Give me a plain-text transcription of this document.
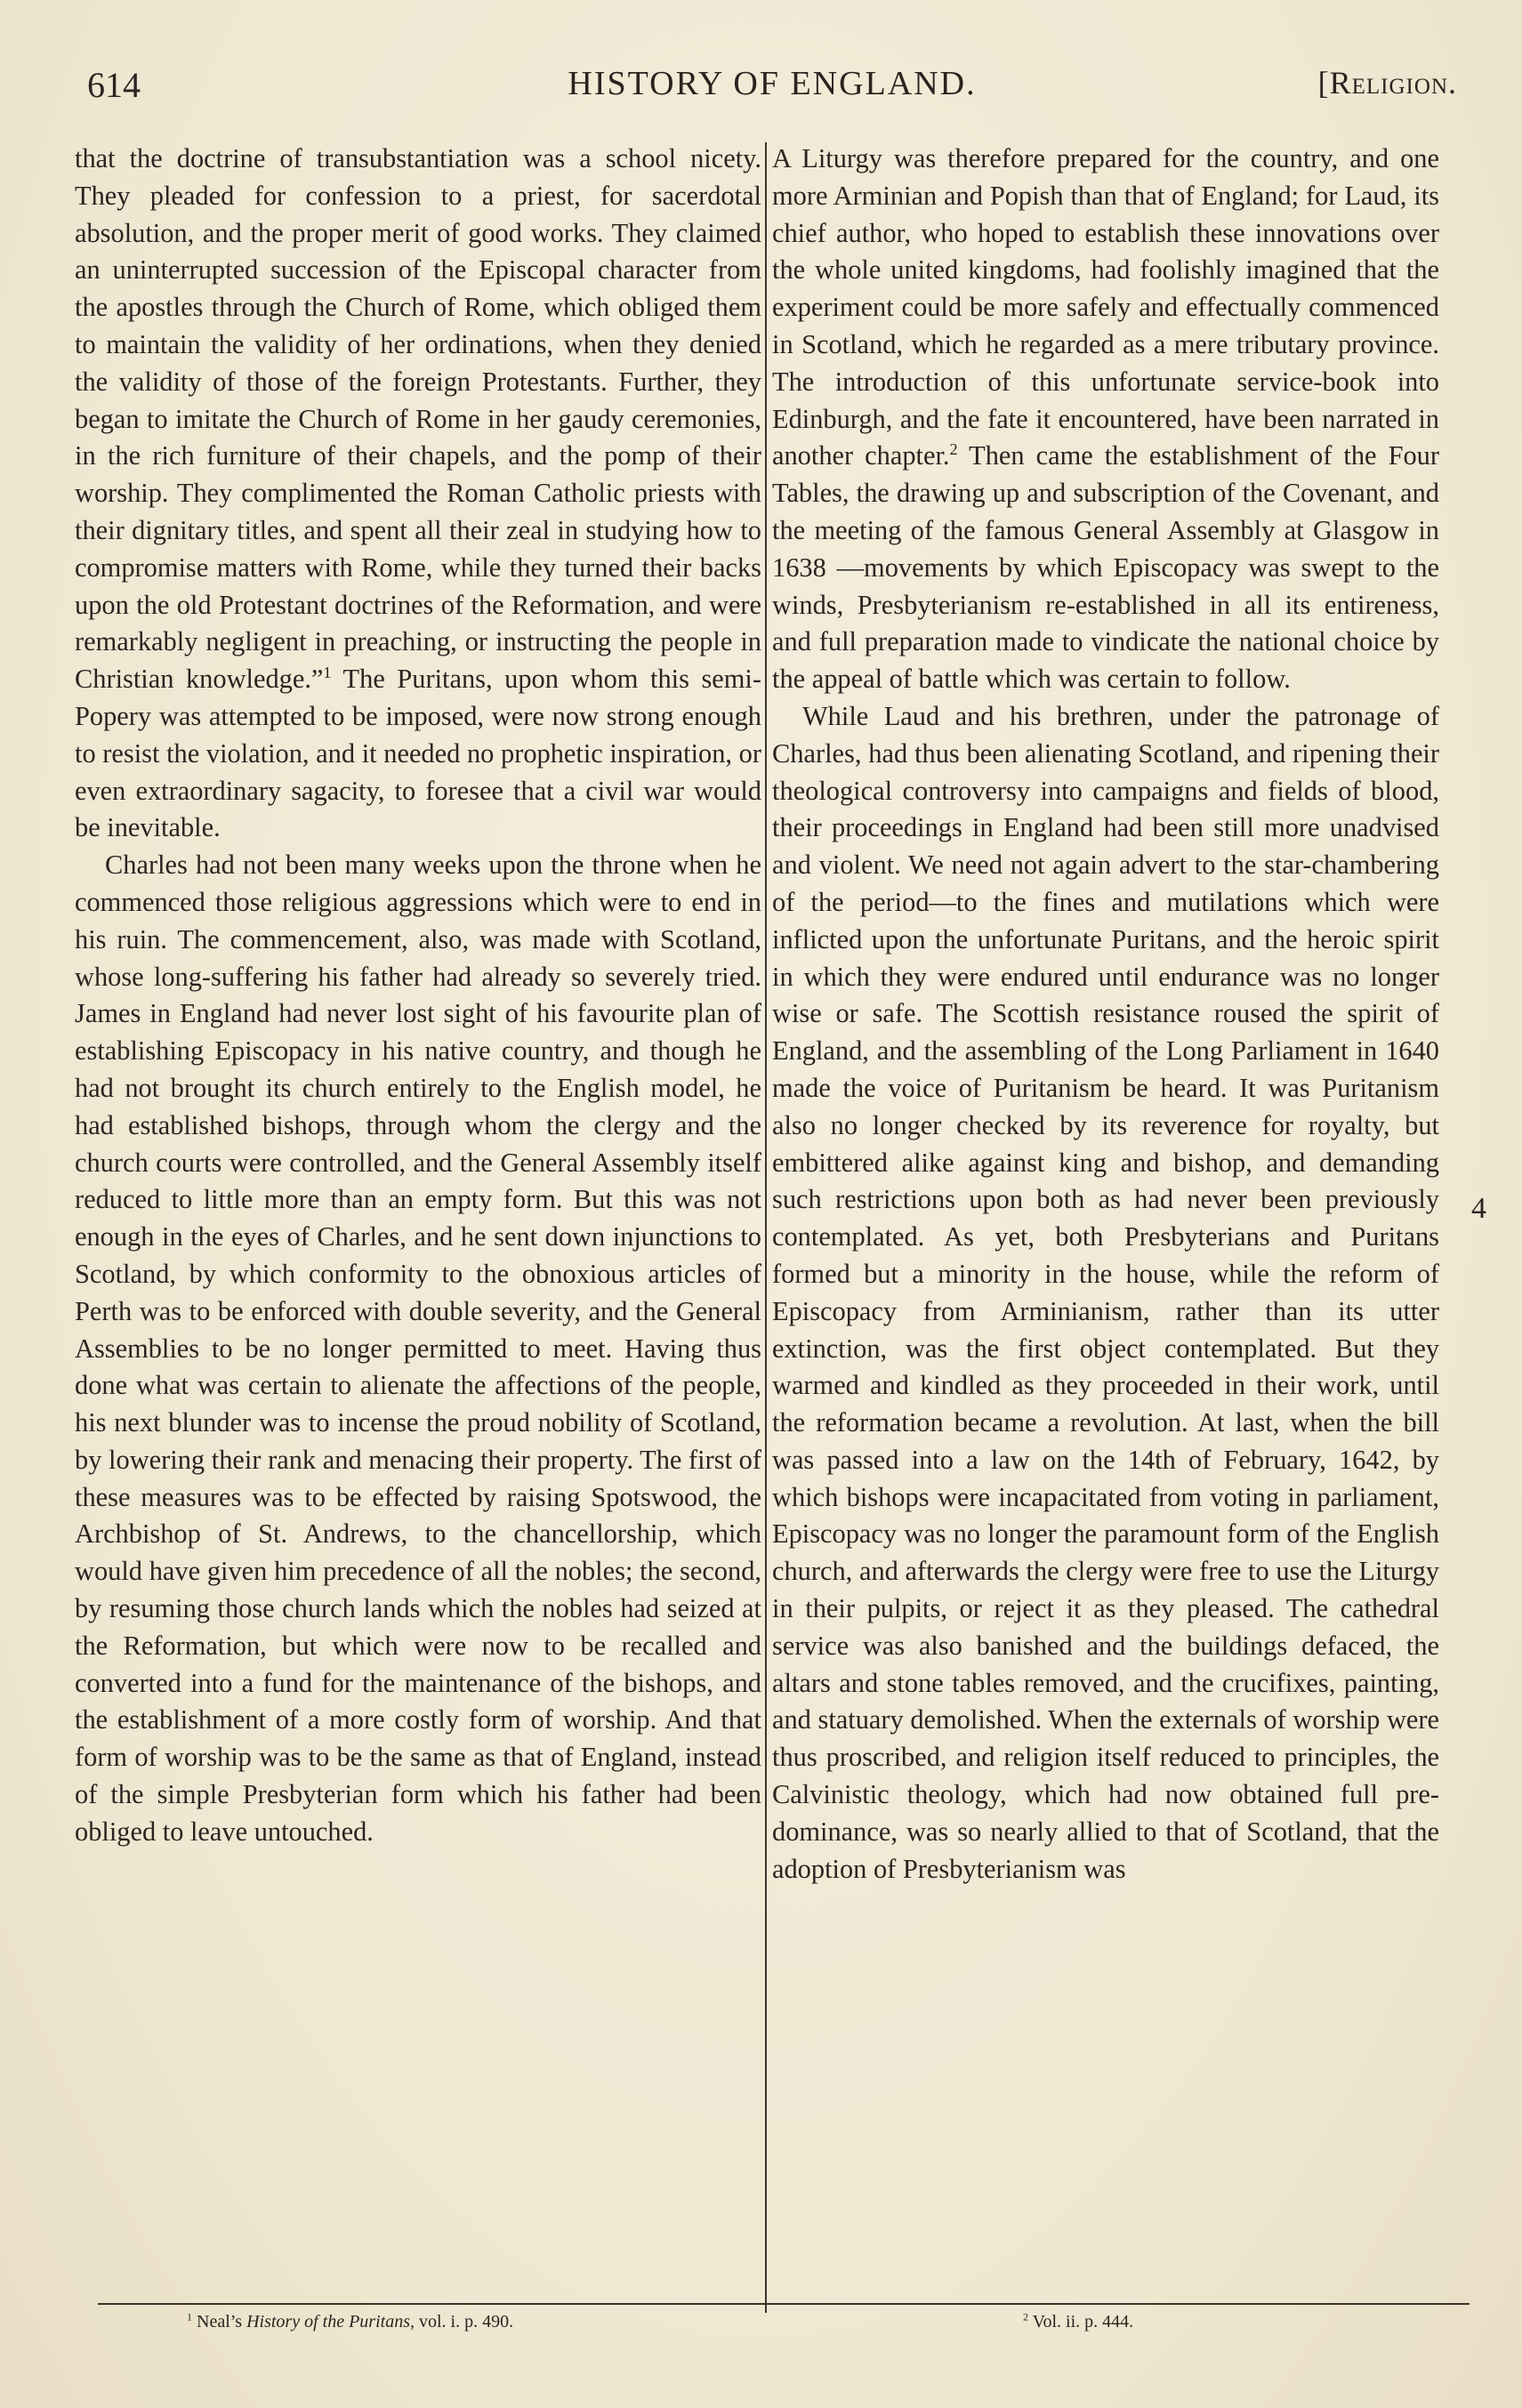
614	HISTORY OF ENGLAND.	[Religion.

that the doctrine of transubstantiation was a school nicety. They pleaded for confession to a priest, for sacerdotal absolution, and the proper merit of good works. They claimed an uninterrupted succession of the Episcopal character from the apostles through the Church of Rome, which obliged them to maintain the validity of her ordinations, when they denied the validity of those of the foreign Protestants. Further, they began to imitate the Church of Rome in her gaudy ceremonies, in the rich furniture of their chapels, and the pomp of their worship. They complimented the Roman Catholic priests with their dignitary titles, and spent all their zeal in studying how to compromise matters with Rome, while they turned their backs upon the old Protestant doctrines of the Reformation, and were remarkably negligent in preaching, or instructing the people in Christian knowledge.”$^1$ The Puritans, upon whom this semi-Popery was attempted to be imposed, were now strong enough to resist the violation, and it needed no prophetic inspiration, or even extraordinary sagacity, to foresee that a civil war would be inevitable.

Charles had not been many weeks upon the throne when he commenced those religious aggressions which were to end in his ruin. The commencement, also, was made with Scotland, whose long-suffering his father had already so severely tried. James in England had never lost sight of his favourite plan of establishing Episcopacy in his native country, and though he had not brought its church entirely to the English model, he had established bishops, through whom the clergy and the church courts were controlled, and the General Assembly itself reduced to little more than an empty form. But this was not enough in the eyes of Charles, and he sent down injunctions to Scotland, by which conformity to the obnoxious articles of Perth was to be enforced with double severity, and the General Assemblies to be no longer permitted to meet. Having thus done what was certain to alienate the affections of the people, his next blunder was to incense the proud nobility of Scotland, by lowering their rank and menacing their property. The first of these measures was to be effected by raising Spotswood, the Archbishop of St. Andrews, to the chancellorship, which would have given him precedence of all the nobles; the second, by resuming those church lands which the nobles had seized at the Reformation, but which were now to be recalled and converted into a fund for the maintenance of the bishops, and the establishment of a more costly form of worship. And that form of worship was to be the same as that of England, instead of the simple Presbyterian form which his father had been obliged to leave untouched.

A Liturgy was therefore prepared for the country, and one more Arminian and Popish than that of England; for Laud, its chief author, who hoped to establish these innovations over the whole united kingdoms, had foolishly imagined that the experiment could be more safely and effectually commenced in Scotland, which he regarded as a mere tributary province. The introduction of this unfortunate service-book into Edinburgh, and the fate it encountered, have been narrated in another chapter.$^2$ Then came the establishment of the Four Tables, the drawing up and subscription of the Covenant, and the meeting of the famous General Assembly at Glasgow in 1638 —movements by which Episcopacy was swept to the winds, Presbyterianism re-established in all its entireness, and full preparation made to vindicate the national choice by the appeal of battle which was certain to follow.

While Laud and his brethren, under the patronage of Charles, had thus been alienating Scotland, and ripening their theological controversy into campaigns and fields of blood, their proceedings in England had been still more unadvised and violent. We need not again advert to the star-chambering of the period—to the fines and mutilations which were inflicted upon the unfortunate Puritans, and the heroic spirit in which they were endured until endurance was no longer wise or safe. The Scottish resistance roused the spirit of England, and the assembling of the Long Parliament in 1640 made the voice of Puritanism be heard. It was Puritanism also no longer checked by its reverence for royalty, but embittered alike against king and bishop, and demanding such restrictions upon both as had never been previously contemplated. As yet, both Presbyterians and Puritans formed but a minority in the house, while the reform of Episcopacy from Arminianism, rather than its utter extinction, was the first object contemplated. But they warmed and kindled as they proceeded in their work, until the reformation became a revolution. At last, when the bill was passed into a law on the 14th of February, 1642, by which bishops were incapacitated from voting in parliament, Episcopacy was no longer the paramount form of the English church, and afterwards the clergy were free to use the Liturgy in their pulpits, or reject it as they pleased. The cathedral service was also banished and the buildings defaced, the altars and stone tables removed, and the crucifixes, painting, and statuary demolished. When the externals of worship were thus proscribed, and religion itself reduced to principles, the Calvinistic theology, which had now obtained full predominance, was so nearly allied to that of Scotland, that the adoption of Presbyterianism was

4
$^1$ Neal’s History of the Puritans, vol. i. p. 490.	$^2$ Vol. ii. p. 444.
